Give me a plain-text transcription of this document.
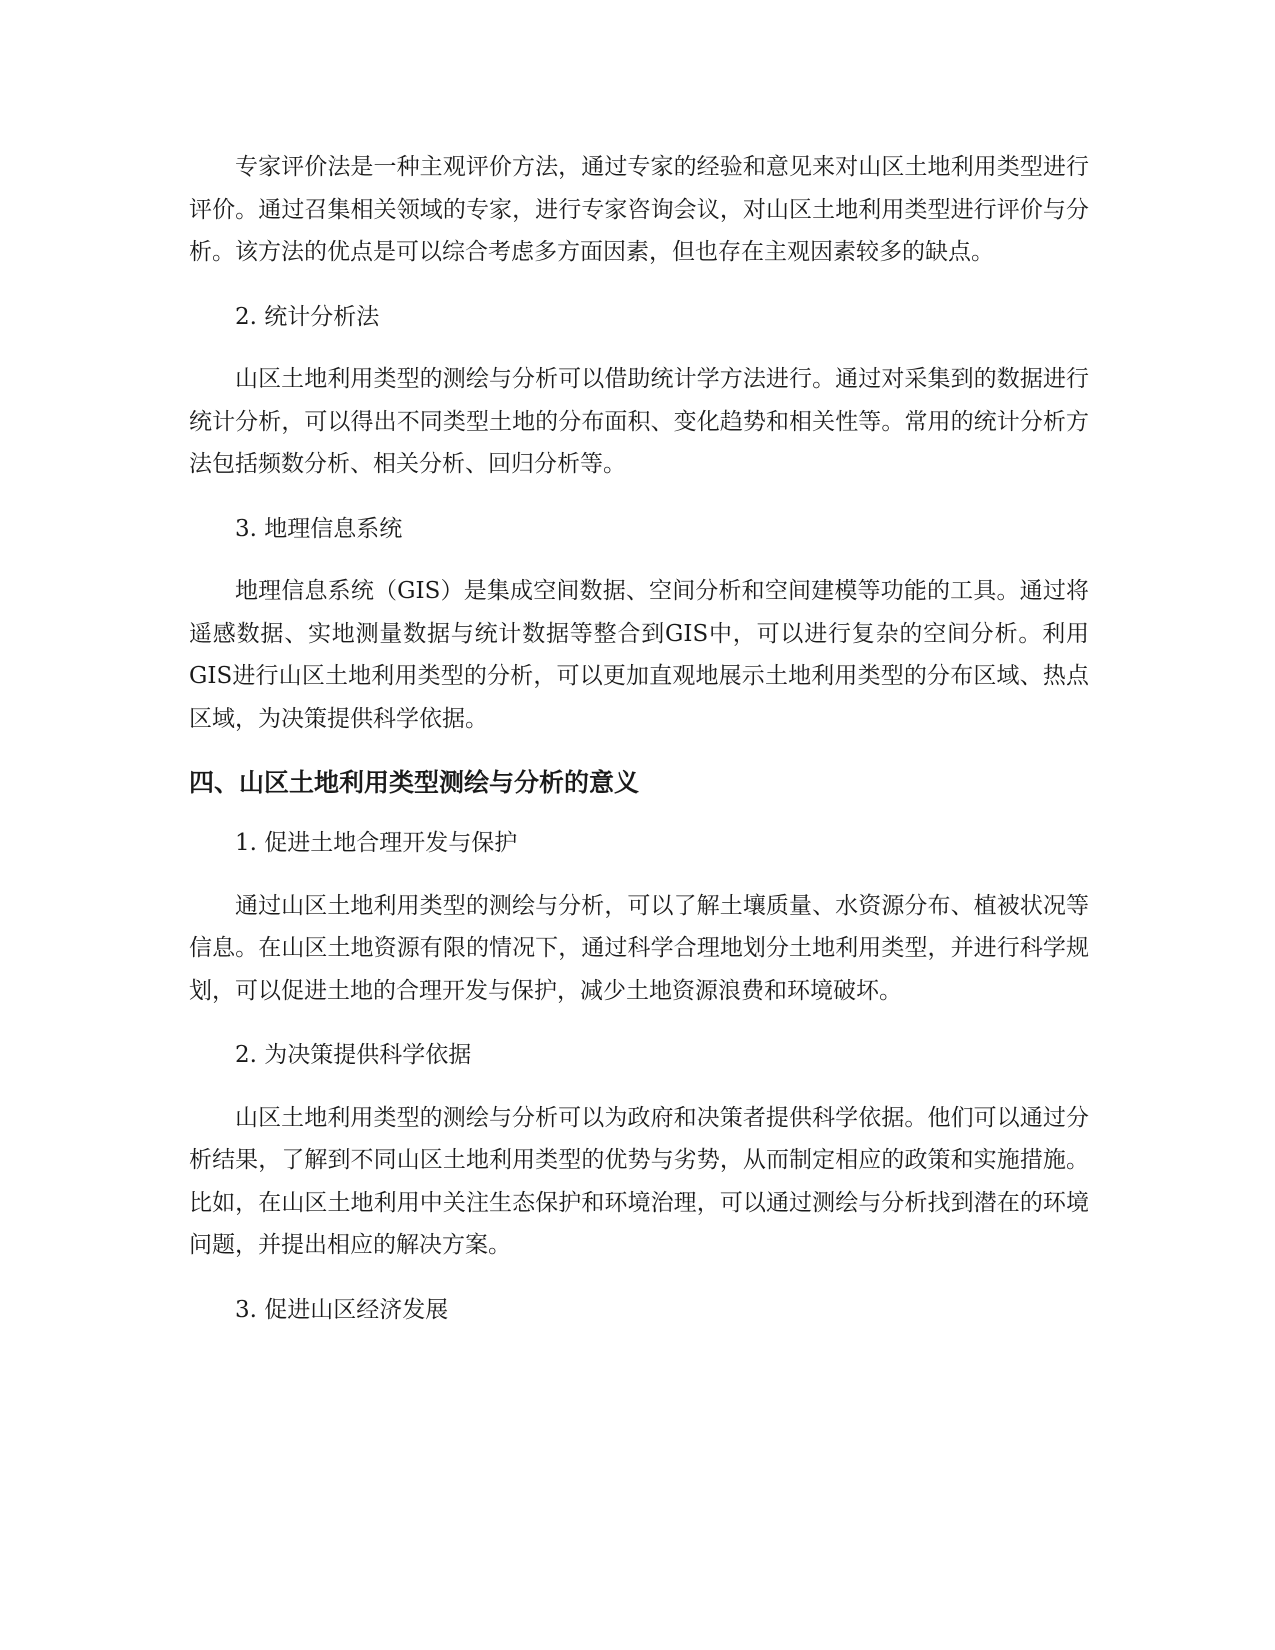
专家评价法是一种主观评价方法，通过专家的经验和意见来对山区土地利用类型进行评价。通过召集相关领域的专家，进行专家咨询会议，对山区土地利用类型进行评价与分析。该方法的优点是可以综合考虑多方面因素，但也存在主观因素较多的缺点。

2. 统计分析法

山区土地利用类型的测绘与分析可以借助统计学方法进行。通过对采集到的数据进行统计分析，可以得出不同类型土地的分布面积、变化趋势和相关性等。常用的统计分析方法包括频数分析、相关分析、回归分析等。

3. 地理信息系统

地理信息系统（GIS）是集成空间数据、空间分析和空间建模等功能的工具。通过将遥感数据、实地测量数据与统计数据等整合到GIS中，可以进行复杂的空间分析。利用GIS进行山区土地利用类型的分析，可以更加直观地展示土地利用类型的分布区域、热点区域，为决策提供科学依据。

四、山区土地利用类型测绘与分析的意义

1. 促进土地合理开发与保护

通过山区土地利用类型的测绘与分析，可以了解土壤质量、水资源分布、植被状况等信息。在山区土地资源有限的情况下，通过科学合理地划分土地利用类型，并进行科学规划，可以促进土地的合理开发与保护，减少土地资源浪费和环境破坏。

2. 为决策提供科学依据

山区土地利用类型的测绘与分析可以为政府和决策者提供科学依据。他们可以通过分析结果，了解到不同山区土地利用类型的优势与劣势，从而制定相应的政策和实施措施。比如，在山区土地利用中关注生态保护和环境治理，可以通过测绘与分析找到潜在的环境问题，并提出相应的解决方案。

3. 促进山区经济发展
